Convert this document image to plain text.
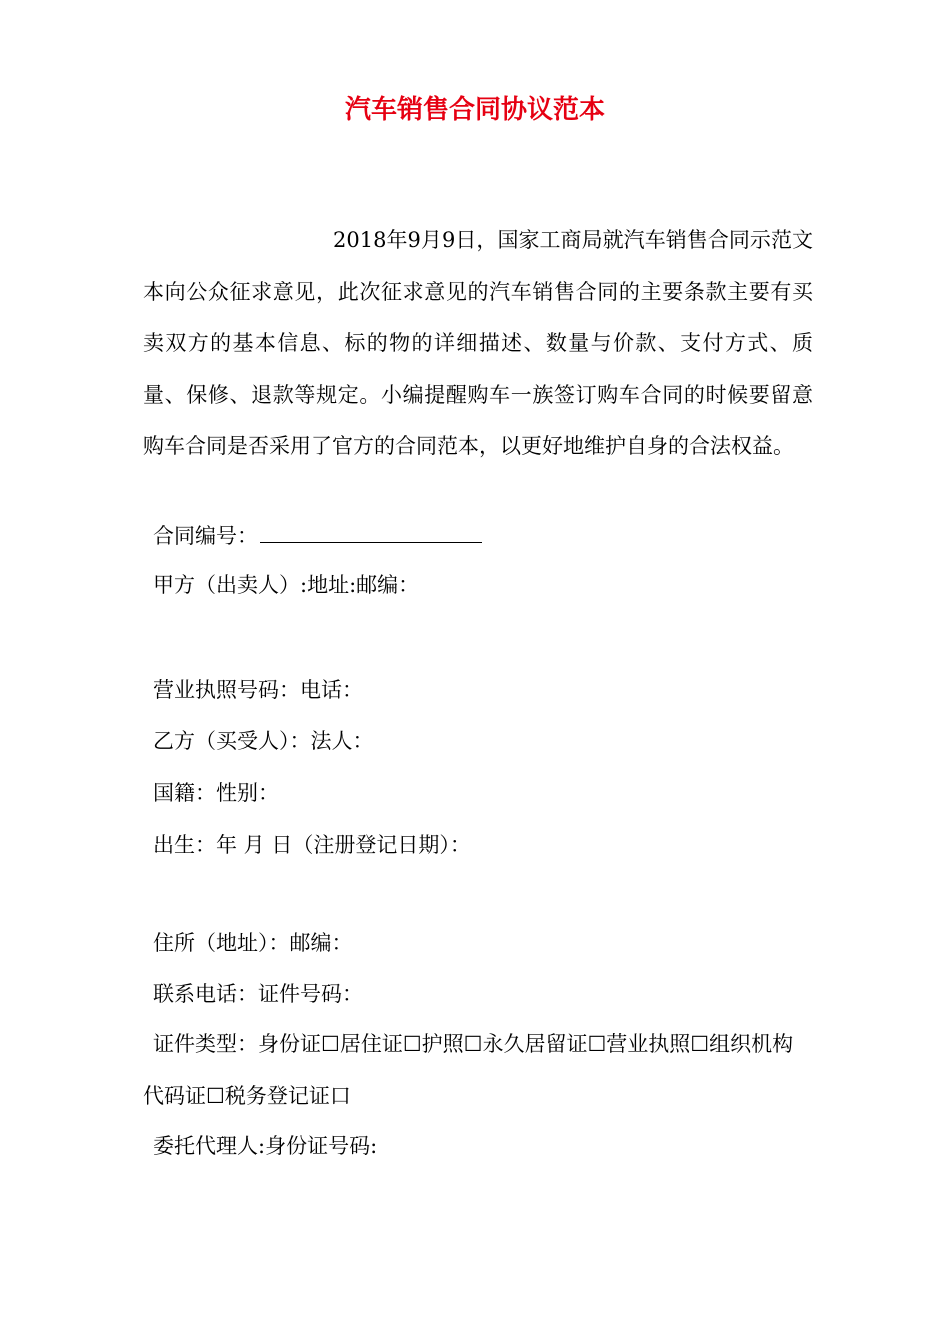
汽车销售合同协议范本

2018年9月9日，国家工商局就汽车销售合同示范文本向公众征求意见，此次征求意见的汽车销售合同的主要条款主要有买卖双方的基本信息、标的物的详细描述、数量与价款、支付方式、质量、保修、退款等规定。小编提醒购车一族签订购车合同的时候要留意购车合同是否采用了官方的合同范本，以更好地维护自身的合法权益。

合同编号：
甲方（出卖人）:地址:邮编：
营业执照号码：电话：
乙方（买受人）：法人：
国籍：性别：
出生：年 月 日（注册登记日期）：
住所（地址）：邮编：
联系电话：证件号码：

证件类型：身份证☐居住证☐护照☐永久居留证☐营业执照☐组织机构代码证☐税务登记证口

委托代理人:身份证号码:
